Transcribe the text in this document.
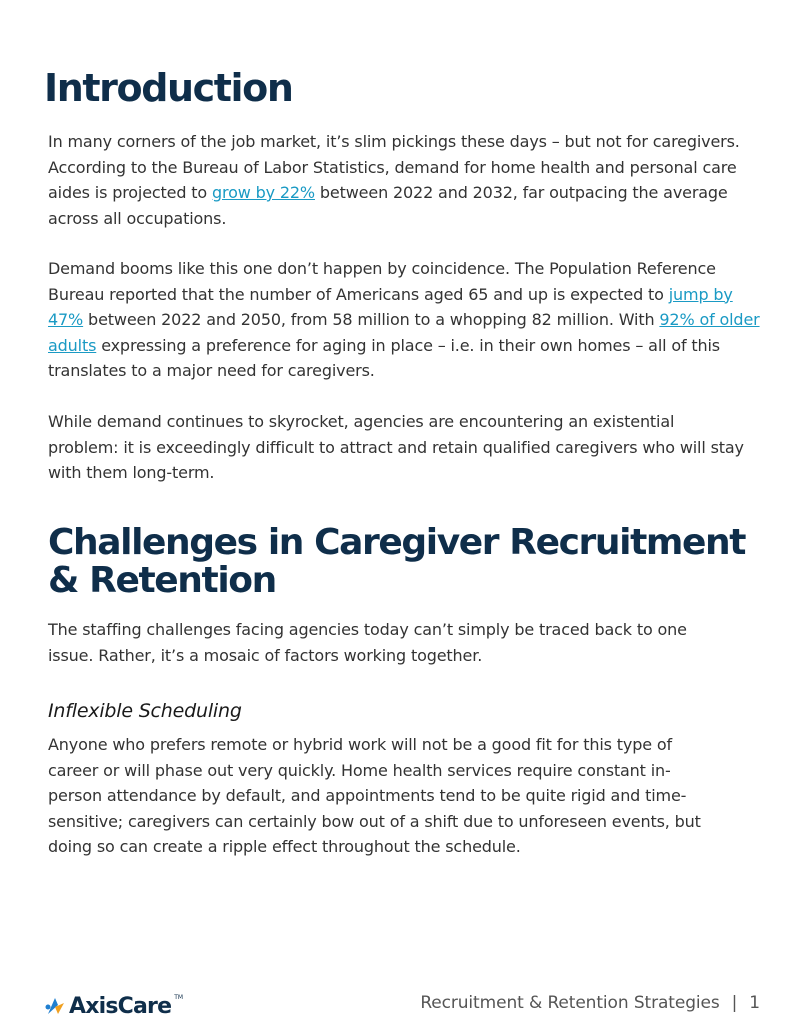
Introduction

In many corners of the job market, it’s slim pickings these days – but not for caregivers.
According to the Bureau of Labor Statistics, demand for home health and personal care
aides is projected to grow by 22% between 2022 and 2032, far outpacing the average
across all occupations.

Demand booms like this one don’t happen by coincidence. The Population Reference
Bureau reported that the number of Americans aged 65 and up is expected to jump by
47% between 2022 and 2050, from 58 million to a whopping 82 million. With 92% of older
adults expressing a preference for aging in place – i.e. in their own homes – all of this
translates to a major need for caregivers.

While demand continues to skyrocket, agencies are encountering an existential
problem: it is exceedingly difficult to attract and retain qualified caregivers who will stay
with them long-term.

Challenges in Caregiver Recruitment
& Retention

The staffing challenges facing agencies today can’t simply be traced back to one
issue. Rather, it’s a mosaic of factors working together.

Inflexible Scheduling

Anyone who prefers remote or hybrid work will not be a good fit for this type of
career or will phase out very quickly. Home health services require constant in-
person attendance by default, and appointments tend to be quite rigid and time-
sensitive; caregivers can certainly bow out of a shift due to unforeseen events, but
doing so can create a ripple effect throughout the schedule.

AxisCare TM	Recruitment & Retention Strategies | 1
